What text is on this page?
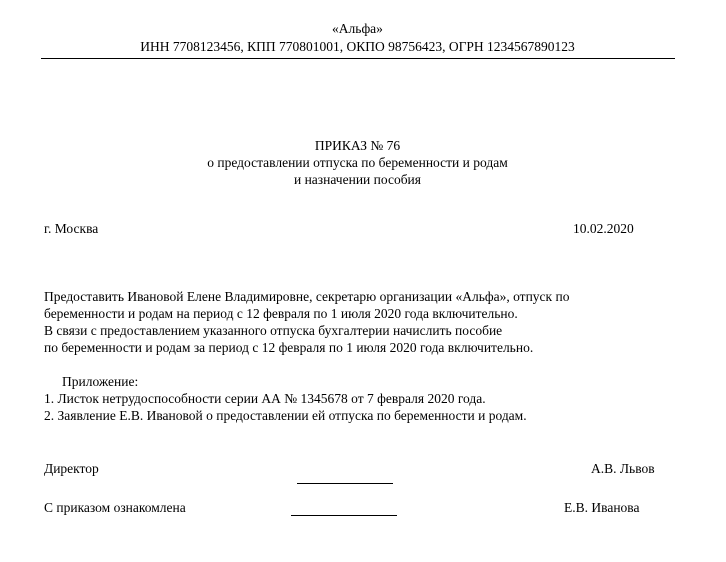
«Альфа»
ИНН 7708123456, КПП 770801001, ОКПО 98756423, ОГРН 1234567890123
ПРИКАЗ № 76
о предоставлении отпуска по беременности и родам
и назначении пособия
г. Москва	10.02.2020
Предоставить Ивановой Елене Владимировне, секретарю организации «Альфа», отпуск по
беременности и родам на период с 12 февраля по 1 июля 2020 года включительно.
В связи с предоставлением указанного отпуска бухгалтерии начислить пособие
по беременности и родам за период с 12 февраля по 1 июля 2020 года включительно.
Приложение:
1. Листок нетрудоспособности серии АА № 1345678 от 7 февраля 2020 года.
2. Заявление Е.В. Ивановой о предоставлении ей отпуска по беременности и родам.
Директор	А.В. Львов
С приказом ознакомлена	Е.В. Иванова
